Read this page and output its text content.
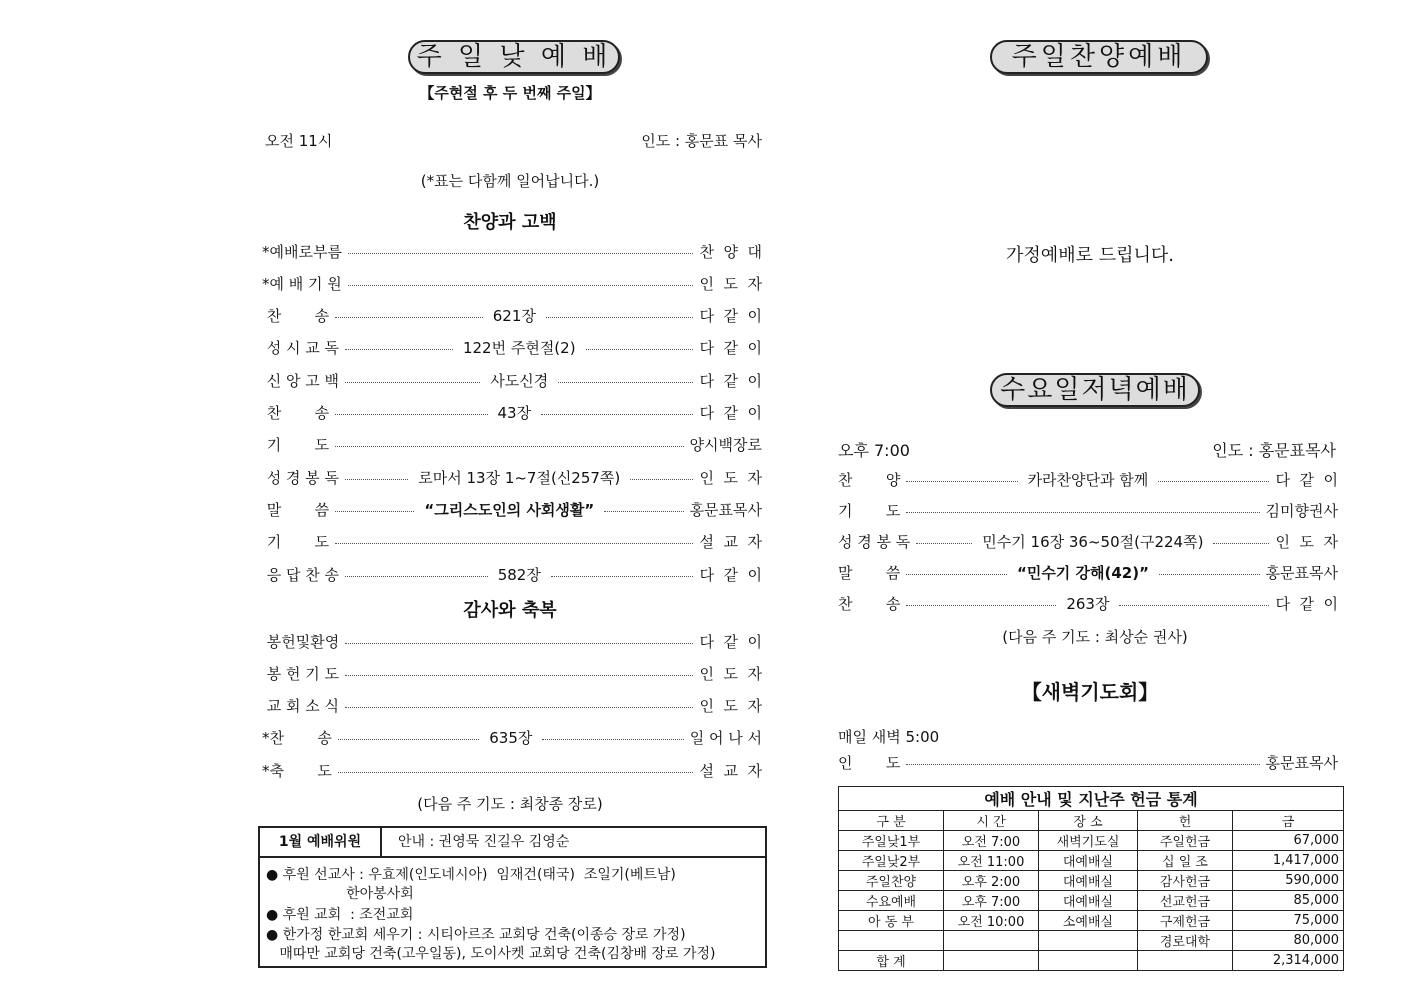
주 일 낮 예 배
【주현절 후 두 번째 주일】
오전 11시	인도 : 홍문표 목사
(*표는 다함께 일어납니다.)
찬양과 고백
*예배로부름	찬  양  대
*예 배 기 원	인  도  자
찬       송	621장	다  같  이
성 시 교 독	122번 주현절(2)	다  같  이
신 앙 고 백	사도신경	다  같  이
찬       송	43장	다  같  이
기       도	양시백장로
성 경 봉 독	로마서 13장 1~7절(신257쪽)	인  도  자
말       씀	“그리스도인의 사회생활”	홍문표목사
기       도	설  교  자
응 답 찬 송	582장	다  같  이
감사와 축복
봉헌및환영	다  같  이
봉 헌 기 도	인  도  자
교 회 소 식	인  도  자
*찬       송	635장	일 어 나 서
*축       도	설  교  자
(다음 주 기도 : 최창종 장로)
1월 예배위원	안내 : 권영묵 진길우 김영순
● 후원 선교사 : 우효제(인도네시아)  임재건(태국)  조일기(베트남)
한아봉사회
● 후원 교회  : 조전교회
● 한가정 한교회 세우기 : 시티아르조 교회당 건축(이종승 장로 가정)
매따만 교회당 건축(고우일동), 도이사켓 교회당 건축(김창배 장로 가정)
주일찬양예배
가정예배로 드립니다.
수요일저녁예배
오후 7:00	인도 : 홍문표목사
찬       양	카라찬양단과 함께	다  같  이
기       도	김미향권사
성 경 봉 독	민수기 16장 36~50절(구224쪽)	인  도  자
말       씀	“민수기 강해(42)”	홍문표목사
찬       송	263장	다  같  이
(다음 주 기도 : 최상순 권사)
【새벽기도회】
매일 새벽 5:00
인       도	홍문표목사
예배 안내 및 지난주 헌금 통계				
구 분	시 간	장 소	헌	금
주일낮1부	오전 7:00	새벽기도실	주일헌금	67,000
주일낮2부	오전 11:00	대예배실	십 일 조	1,417,000
주일찬양	오후 2:00	대예배실	감사헌금	590,000
수요예배	오후 7:00	대예배실	선교헌금	85,000
아 동 부	오전 10:00	소예배실	구제헌금	75,000
			경로대학	80,000
합 계				2,314,000
